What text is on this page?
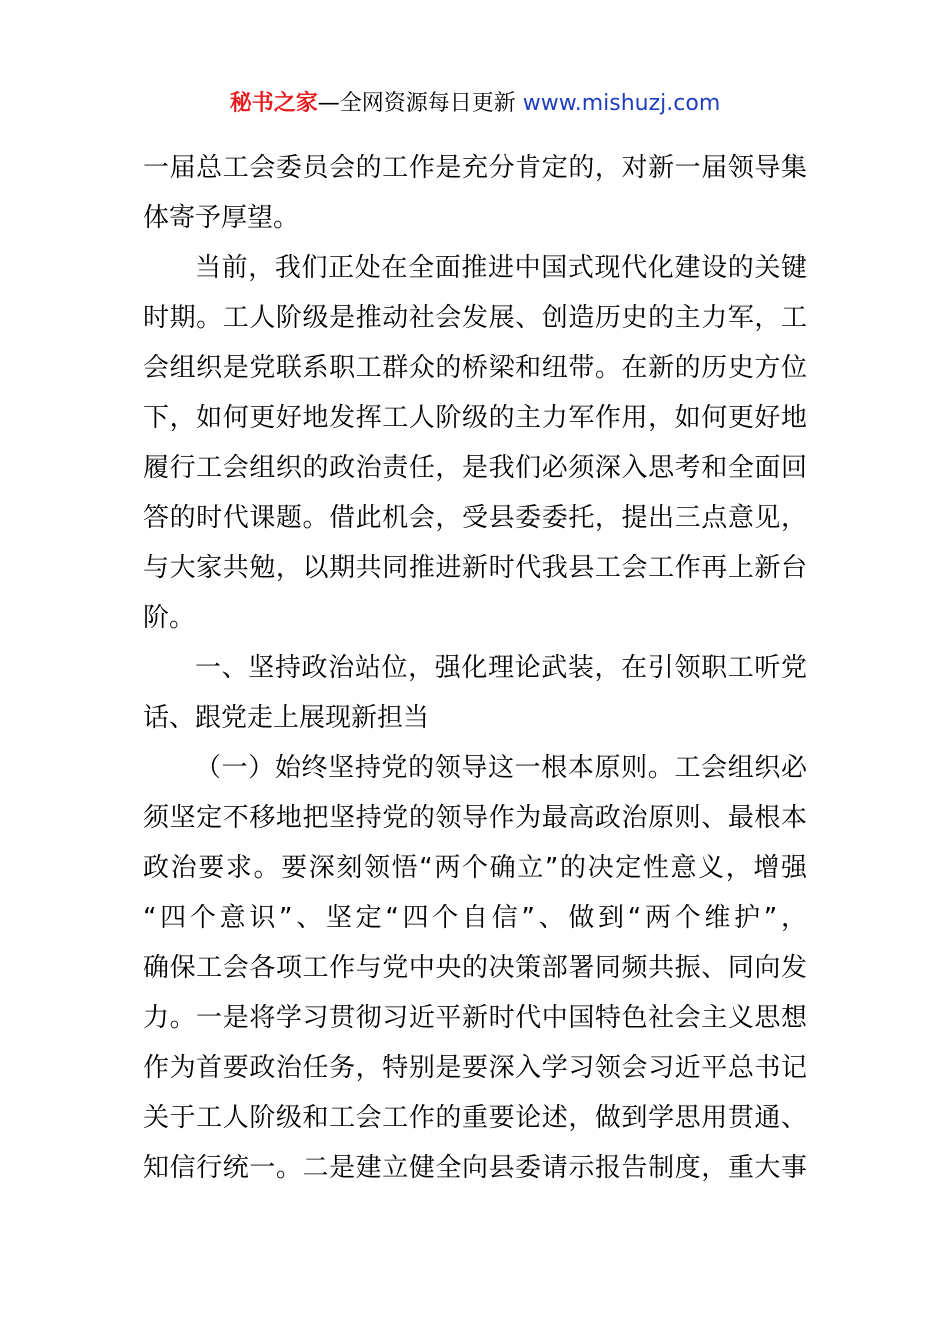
秘书之家—全网资源每日更新 www.mishuzj.com
一届总工会委员会的工作是充分肯定的，对新一届领导集
体寄予厚望。
当前，我们正处在全面推进中国式现代化建设的关键
时期。工人阶级是推动社会发展、创造历史的主力军，工
会组织是党联系职工群众的桥梁和纽带。在新的历史方位
下，如何更好地发挥工人阶级的主力军作用，如何更好地
履行工会组织的政治责任，是我们必须深入思考和全面回
答的时代课题。借此机会，受县委委托，提出三点意见，
与大家共勉，以期共同推进新时代我县工会工作再上新台
阶。
一、坚持政治站位，强化理论武装，在引领职工听党
话、跟党走上展现新担当
（一）始终坚持党的领导这一根本原则。工会组织必
须坚定不移地把坚持党的领导作为最高政治原则、最根本
政治要求。要深刻领悟“两个确立”的决定性意义，增强
“四个意识”、坚定“四个自信”、做到“两个维护”，
确保工会各项工作与党中央的决策部署同频共振、同向发
力。一是将学习贯彻习近平新时代中国特色社会主义思想
作为首要政治任务，特别是要深入学习领会习近平总书记
关于工人阶级和工会工作的重要论述，做到学思用贯通、
知信行统一。二是建立健全向县委请示报告制度，重大事
